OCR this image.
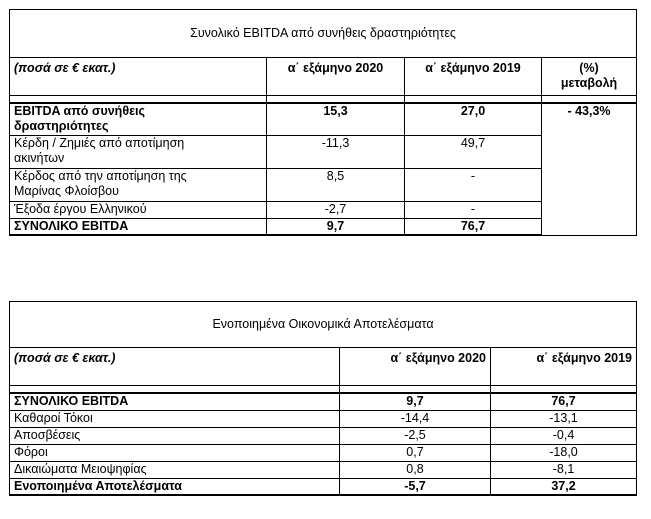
Συνολικό EBITDA από συνήθεις δραστηριότητες			
(ποσά σε € εκατ.)	α΄ εξάμηνο 2020	α΄ εξάμηνο 2019	(%)
μεταβολή

EBITDA από συνήθεις
δραστηριότητες	15,3	27,0	- 43,3%

Κέρδη / Ζημιές από αποτίμηση
ακινήτων	-11,3	49,7	

Κέρδος από την αποτίμηση της
Μαρίνας Φλοίσβου	8,5	-	
Έξοδα έργου Ελληνικού	-2,7	-	
ΣΥΝΟΛΙΚΟ EBITDA	9,7	76,7	
Ενοποιημένα Οικονομικά Αποτελέσματα		
(ποσά σε € εκατ.)	α΄ εξάμηνο 2020	α΄ εξάμηνο 2019

ΣΥΝΟΛΙΚΟ EBITDA	9,7	76,7
Καθαροί Τόκοι	-14,4	-13,1
Αποσβέσεις	-2,5	-0,4
Φόροι	0,7	-18,0
Δικαιώματα Μειοψηφίας	0,8	-8,1
Ενοποιημένα Αποτελέσματα	-5,7	37,2
